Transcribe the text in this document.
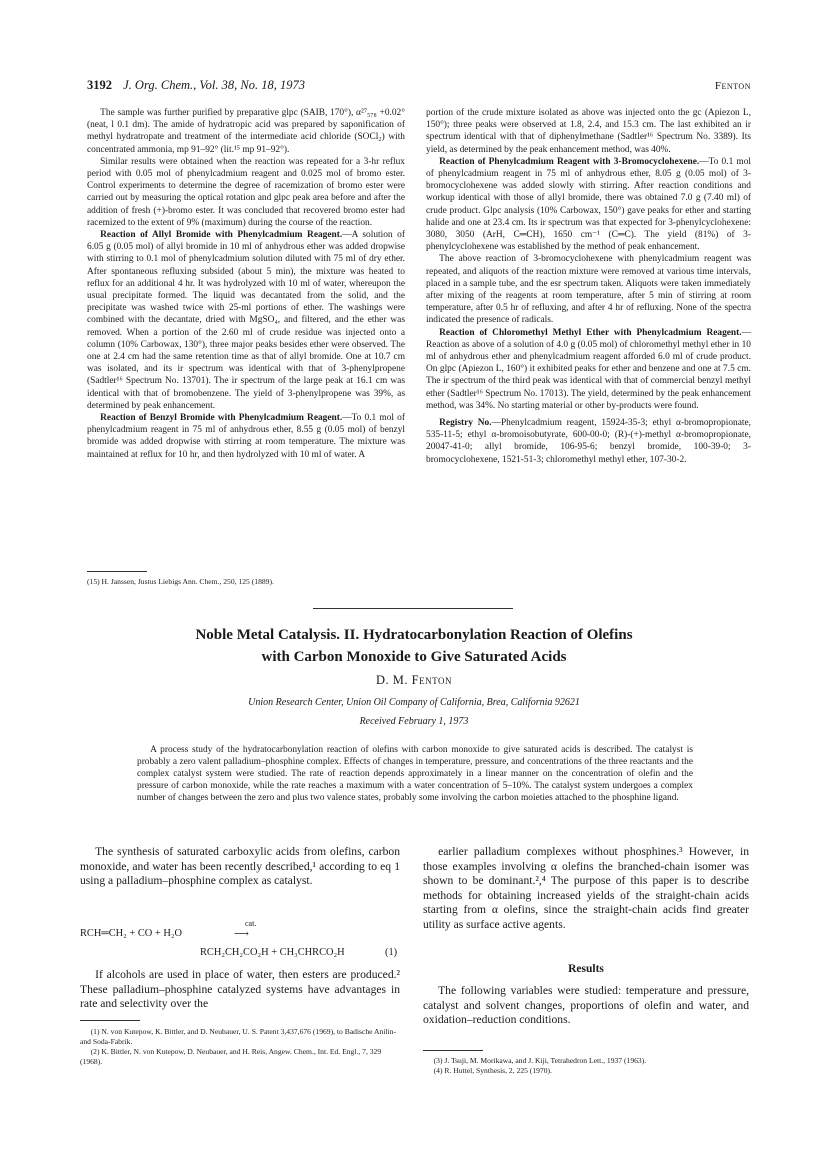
3192 J. Org. Chem., Vol. 38, No. 18, 1973	Fenton

The sample was further purified by preparative glpc (SAIB, 170°), α²⁷₅₇₈ +0.02° (neat, l 0.1 dm). The amide of hydratropic acid was prepared by saponification of methyl hydratropate and treatment of the intermediate acid chloride (SOCl₂) with concentrated ammonia, mp 91–92° (lit.¹⁵ mp 91–92°).

Similar results were obtained when the reaction was repeated for a 3-hr reflux period with 0.05 mol of phenylcadmium reagent and 0.025 mol of bromo ester. Control experiments to determine the degree of racemization of bromo ester were carried out by measuring the optical rotation and glpc peak area before and after the addition of fresh (+)-bromo ester. It was concluded that recovered bromo ester had racemized to the extent of 9% (maximum) during the course of the reaction.

Reaction of Allyl Bromide with Phenylcadmium Reagent.—A solution of 6.05 g (0.05 mol) of allyl bromide in 10 ml of anhydrous ether was added dropwise with stirring to 0.1 mol of phenylcadmium solution diluted with 75 ml of dry ether. After spontaneous refluxing subsided (about 5 min), the mixture was heated to reflux for an additional 4 hr. It was hydrolyzed with 10 ml of water, whereupon the usual precipitate formed. The liquid was decantated from the solid, and the precipitate was washed twice with 25-ml portions of ether. The washings were combined with the decantate, dried with MgSO₄, and filtered, and the ether was removed. When a portion of the 2.60 ml of crude residue was injected onto a column (10% Carbowax, 130°), three major peaks besides ether were observed. The one at 2.4 cm had the same retention time as that of allyl bromide. One at 10.7 cm was isolated, and its ir spectrum was identical with that of 3-phenylpropene (Sadtler¹⁶ Spectrum No. 13701). The ir spectrum of the large peak at 16.1 cm was identical with that of bromobenzene. The yield of 3-phenylpropene was 39%, as determined by peak enhancement.

Reaction of Benzyl Bromide with Phenylcadmium Reagent.—To 0.1 mol of phenylcadmium reagent in 75 ml of anhydrous ether, 8.55 g (0.05 mol) of benzyl bromide was added dropwise with stirring at room temperature. The mixture was maintained at reflux for 10 hr, and then hydrolyzed with 10 ml of water. A

(15) H. Janssen, Justus Liebigs Ann. Chem., 250, 125 (1889).

portion of the crude mixture isolated as above was injected onto the gc (Apiezon L, 150°); three peaks were observed at 1.8, 2.4, and 15.3 cm. The last exhibited an ir spectrum identical with that of diphenylmethane (Sadtler¹⁶ Spectrum No. 3389). Its yield, as determined by the peak enhancement method, was 40%.

Reaction of Phenylcadmium Reagent with 3-Bromocyclohexene.—To 0.1 mol of phenylcadmium reagent in 75 ml of anhydrous ether, 8.05 g (0.05 mol) of 3-bromocyclohexene was added slowly with stirring. After reaction conditions and workup identical with those of allyl bromide, there was obtained 7.0 g (7.40 ml) of crude product. Glpc analysis (10% Carbowax, 150°) gave peaks for ether and starting halide and one at 23.4 cm. Its ir spectrum was that expected for 3-phenylcyclohexene: 3080, 3050 (ArH, C═CH), 1650 cm⁻¹ (C═C). The yield (81%) of 3-phenylcyclohexene was established by the method of peak enhancement.

The above reaction of 3-bromocyclohexene with phenylcadmium reagent was repeated, and aliquots of the reaction mixture were removed at various time intervals, placed in a sample tube, and the esr spectrum taken. Aliquots were taken immediately after mixing of the reagents at room temperature, after 5 min of stirring at room temperature, after 0.5 hr of refluxing, and after 4 hr of refluxing. None of the spectra indicated the presence of radicals.

Reaction of Chloromethyl Methyl Ether with Phenylcadmium Reagent.—Reaction as above of a solution of 4.0 g (0.05 mol) of chloromethyl methyl ether in 10 ml of anhydrous ether and phenylcadmium reagent afforded 6.0 ml of crude product. On glpc (Apiezon L, 160°) it exhibited peaks for ether and benzene and one at 7.5 cm. The ir spectrum of the third peak was identical with that of commercial benzyl methyl ether (Sadtler¹⁶ Spectrum No. 17013). The yield, determined by the peak enhancement method, was 34%. No starting material or other by-products were found.

Registry No.—Phenylcadmium reagent, 15924-35-3; ethyl α-bromopropionate, 535-11-5; ethyl α-bromoisobutyrate, 600-00-0; (R)-(+)-methyl α-bromopropionate, 20047-41-0; allyl bromide, 106-95-6; benzyl bromide, 100-39-0; 3-bromocyclohexene, 1521-51-3; chloromethyl methyl ether, 107-30-2.

Noble Metal Catalysis. II. Hydratocarbonylation Reaction of Olefins
with Carbon Monoxide to Give Saturated Acids
D. M. Fenton
Union Research Center, Union Oil Company of California, Brea, California 92621
Received February 1, 1973
A process study of the hydratocarbonylation reaction of olefins with carbon monoxide to give saturated acids is described. The catalyst is probably a zero valent palladium–phosphine complex. Effects of changes in temperature, pressure, and concentrations of the three reactants and the complex catalyst system were studied. The rate of reaction depends approximately in a linear manner on the concentration of olefin and the pressure of carbon monoxide, while the rate reaches a maximum with a water concentration of 5–10%. The catalyst system undergoes a complex number of changes between the zero and plus two valence states, probably some involving the carbon moieties attached to the phosphine ligand.

The synthesis of saturated carboxylic acids from olefins, carbon monoxide, and water has been recently described,¹ according to eq 1 using a palladium–phosphine complex as catalyst.

RCH═CH₂ + CO + H₂O
cat.
⟶
RCH₂CH₂CO₂H + CH₃CHRCO₂H	(1)

If alcohols are used in place of water, then esters are produced.² These palladium–phosphine catalyzed systems have advantages in rate and selectivity over the

(1) N. von Kutepow, K. Bittler, and D. Neubauer, U. S. Patent 3,437,676 (1969), to Badische Anilin- and Soda-Fabrik.

(2) K. Bittler, N. von Kutepow, D. Neubauer, and H. Reis, Angew. Chem., Int. Ed. Engl., 7, 329 (1968).

earlier palladium complexes without phosphines.³ However, in those examples involving α olefins the branched-chain isomer was shown to be dominant.²,⁴ The purpose of this paper is to describe methods for obtaining increased yields of the straight-chain acids starting from α olefins, since the straight-chain acids find greater utility as surface active agents.

Results

The following variables were studied: temperature and pressure, catalyst and solvent changes, proportions of olefin and water, and oxidation–reduction conditions.

(3) J. Tsuji, M. Morikawa, and J. Kiji, Tetrahedron Lett., 1937 (1963).

(4) R. Huttel, Synthesis, 2, 225 (1970).
